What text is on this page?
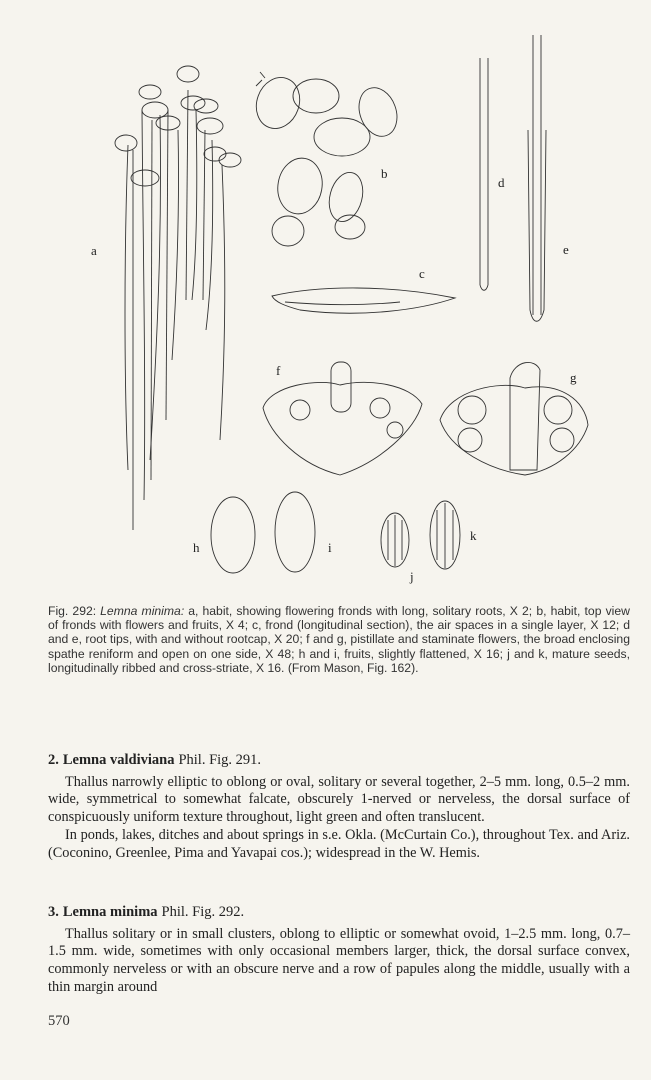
a
b
c
d
e
f	g
h	i
j
k
Fig. 292: Lemna minima: a, habit, showing flowering fronds with long, solitary roots, X 2; b, habit, top view of fronds with flowers and fruits, X 4; c, frond (longitudinal section), the air spaces in a single layer, X 12; d and e, root tips, with and without rootcap, X 20; f and g, pistillate and staminate flowers, the broad enclosing spathe reniform and open on one side, X 48; h and i, fruits, slightly flattened, X 16; j and k, mature seeds, longitudinally ribbed and cross-striate, X 16. (From Mason, Fig. 162).
2. Lemna valdiviana Phil. Fig. 291.

Thallus narrowly elliptic to oblong or oval, solitary or several together, 2–5 mm. long, 0.5–2 mm. wide, symmetrical to somewhat falcate, obscurely 1-nerved or nerveless, the dorsal surface of conspicuously uniform texture throughout, light green and often translucent.

In ponds, lakes, ditches and about springs in s.e. Okla. (McCurtain Co.), throughout Tex. and Ariz. (Coconino, Greenlee, Pima and Yavapai cos.); widespread in the W. Hemis.

3. Lemna minima Phil. Fig. 292.

Thallus solitary or in small clusters, oblong to elliptic or somewhat ovoid, 1–2.5 mm. long, 0.7–1.5 mm. wide, sometimes with only occasional members larger, thick, the dorsal surface convex, commonly nerveless or with an obscure nerve and a row of papules along the middle, usually with a thin margin around

570
